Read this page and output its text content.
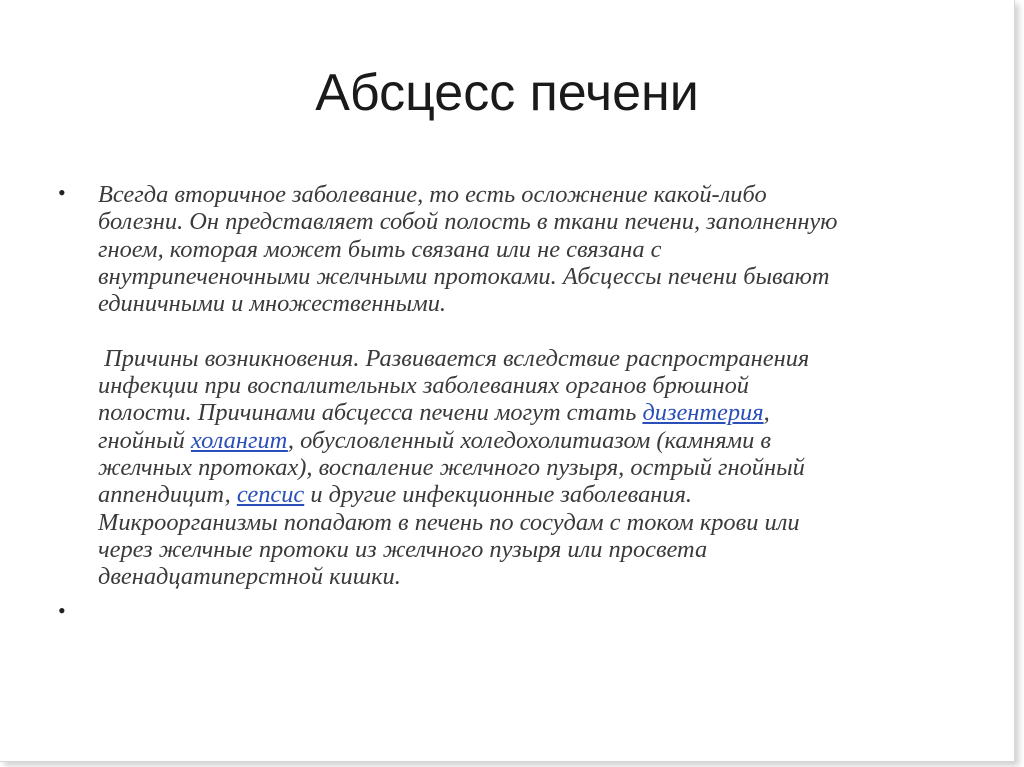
Абсцесс печени
•
•
Всегда вторичное заболевание, то есть осложнение какой-либо
болезни. Он представляет собой полость в ткани печени, заполненную
гноем, которая может быть связана или не связана с
внутрипеченочными желчными протоками. Абсцессы печени бывают
единичными и множественными.
Причины возникновения. Развивается вследствие распространения
инфекции при воспалительных заболеваниях органов брюшной
полости. Причинами абсцесса печени могут стать дизентерия,
гнойный холангит, обусловленный холедохолитиазом (камнями в
желчных протоках), воспаление желчного пузыря, острый гнойный
аппендицит, сепсис и другие инфекционные заболевания.
Микроорганизмы попадают в печень по сосудам с током крови или
через желчные протоки из желчного пузыря или просвета
двенадцатиперстной кишки.
